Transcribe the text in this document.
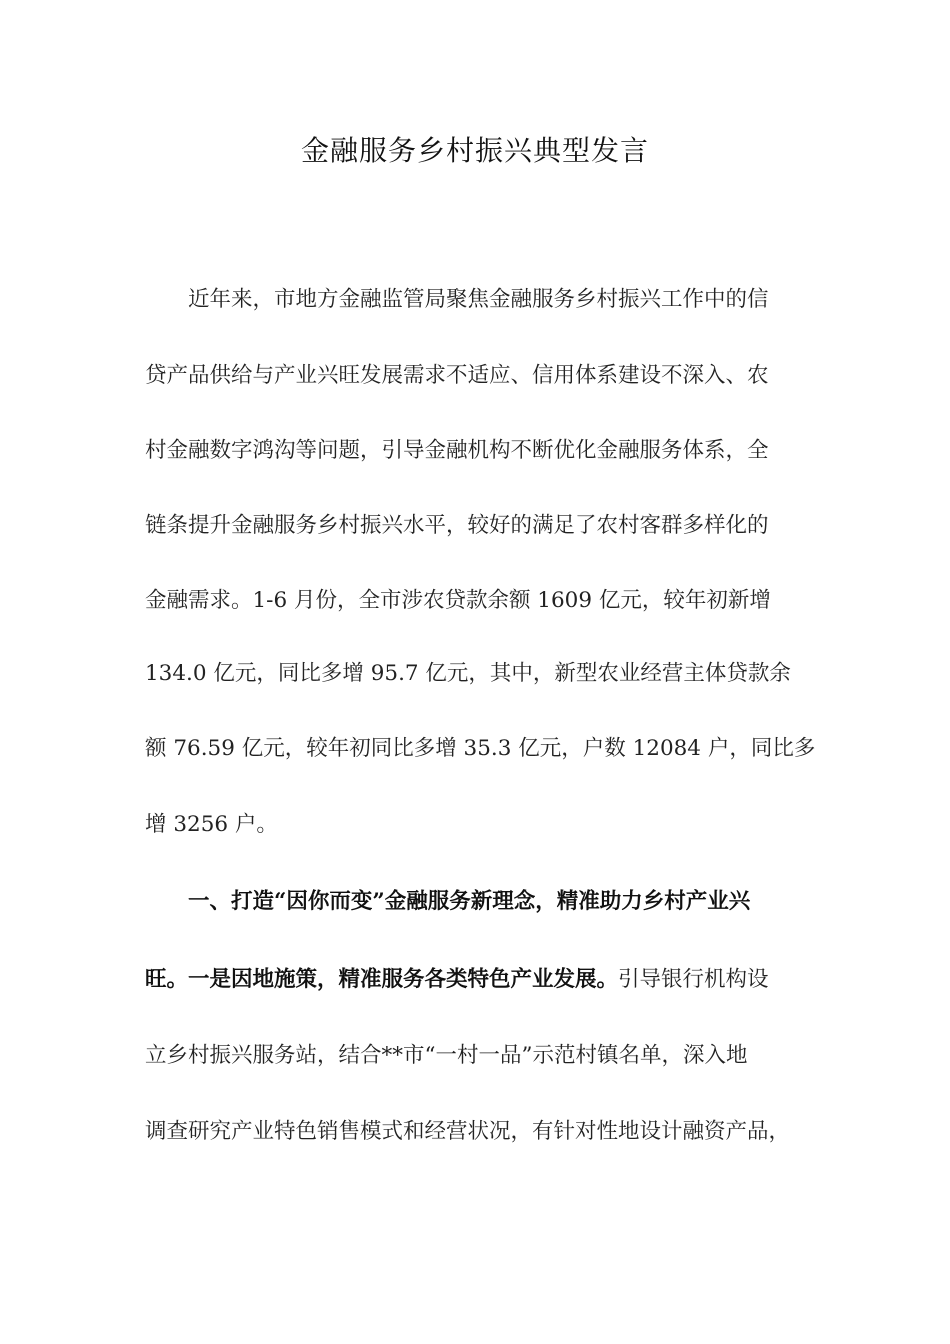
金融服务乡村振兴典型发言
近年来，市地方金融监管局聚焦金融服务乡村振兴工作中的信
贷产品供给与产业兴旺发展需求不适应、信用体系建设不深入、农
村金融数字鸿沟等问题，引导金融机构不断优化金融服务体系，全
链条提升金融服务乡村振兴水平，较好的满足了农村客群多样化的
金融需求。1-6 月份，全市涉农贷款余额 1609 亿元，较年初新增
134.0 亿元，同比多增 95.7 亿元，其中，新型农业经营主体贷款余
额 76.59 亿元，较年初同比多增 35.3 亿元，户数 12084 户，同比多
增 3256 户。
一、打造“因你而变”金融服务新理念，精准助力乡村产业兴
旺。一是因地施策，精准服务各类特色产业发展。引导银行机构设
立乡村振兴服务站，结合**市“一村一品”示范村镇名单，深入地
调查研究产业特色销售模式和经营状况，有针对性地设计融资产品，
